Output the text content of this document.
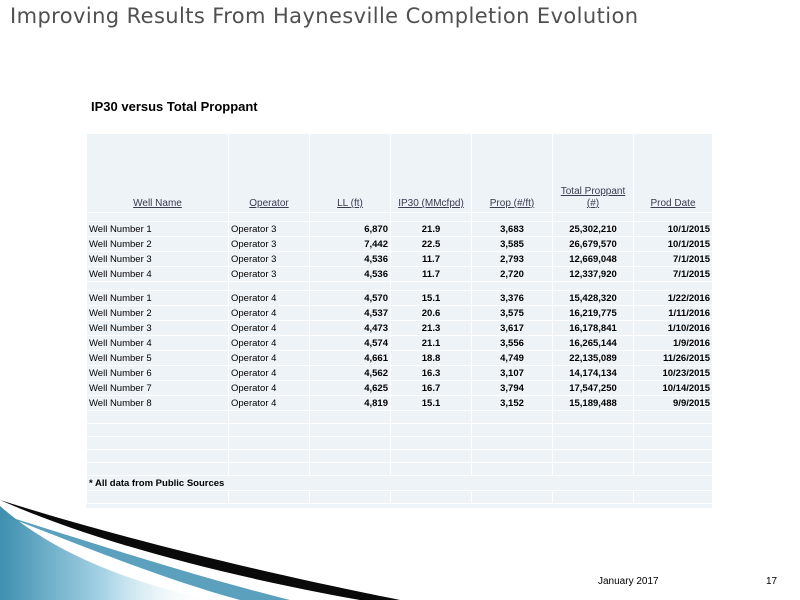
Improving Results From Haynesville Completion Evolution
IP30 versus Total Proppant
Well Name	Operator	LL (ft)	IP30 (MMcfpd)	Prop (#/ft)	Total Proppant (#)	Prod Date

Well Number 1	Operator 3	6,870	21.9	3,683	25,302,210	10/1/2015
Well Number 2	Operator 3	7,442	22.5	3,585	26,679,570	10/1/2015
Well Number 3	Operator 3	4,536	11.7	2,793	12,669,048	7/1/2015
Well Number 4	Operator 3	4,536	11.7	2,720	12,337,920	7/1/2015

Well Number 1	Operator 4	4,570	15.1	3,376	15,428,320	1/22/2016
Well Number 2	Operator 4	4,537	20.6	3,575	16,219,775	1/11/2016
Well Number 3	Operator 4	4,473	21.3	3,617	16,178,841	1/10/2016
Well Number 4	Operator 4	4,574	21.1	3,556	16,265,144	1/9/2016
Well Number 5	Operator 4	4,661	18.8	4,749	22,135,089	11/26/2015
Well Number 6	Operator 4	4,562	16.3	3,107	14,174,134	10/23/2015
Well Number 7	Operator 4	4,625	16.7	3,794	17,547,250	10/14/2015
Well Number 8	Operator 4	4,819	15.1	3,152	15,189,488	9/9/2015

* All data from Public Sources						

January 2017	17
